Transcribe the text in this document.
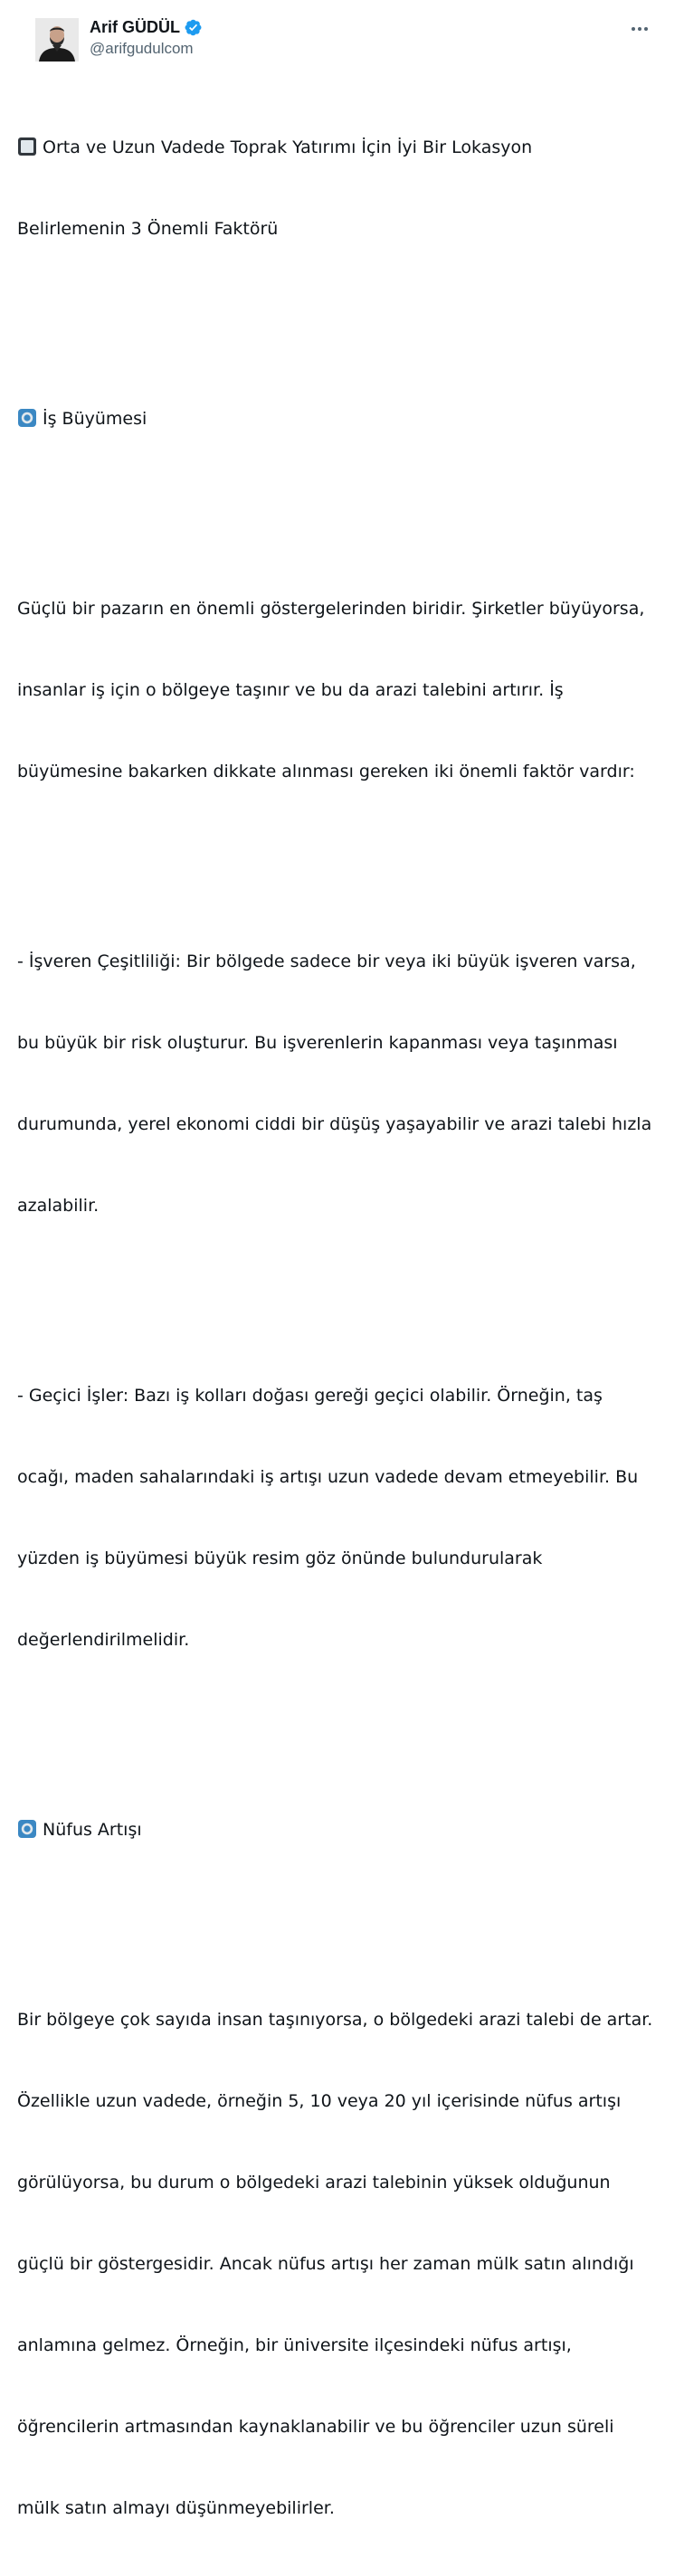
Arif GÜDÜL
@arifgudulcom

Orta ve Uzun Vadede Toprak Yatırımı İçin İyi Bir Lokasyon

Belirlemenin 3 Önemli Faktörü

İş Büyümesi

Güçlü bir pazarın en önemli göstergelerinden biridir. Şirketler büyüyorsa,

insanlar iş için o bölgeye taşınır ve bu da arazi talebini artırır. İş

büyümesine bakarken dikkate alınması gereken iki önemli faktör vardır:

- İşveren Çeşitliliği: Bir bölgede sadece bir veya iki büyük işveren varsa,

bu büyük bir risk oluşturur. Bu işverenlerin kapanması veya taşınması

durumunda, yerel ekonomi ciddi bir düşüş yaşayabilir ve arazi talebi hızla

azalabilir.

- Geçici İşler: Bazı iş kolları doğası gereği geçici olabilir. Örneğin, taş

ocağı, maden sahalarındaki iş artışı uzun vadede devam etmeyebilir. Bu

yüzden iş büyümesi büyük resim göz önünde bulundurularak

değerlendirilmelidir.

Nüfus Artışı

Bir bölgeye çok sayıda insan taşınıyorsa, o bölgedeki arazi talebi de artar.

Özellikle uzun vadede, örneğin 5, 10 veya 20 yıl içerisinde nüfus artışı

görülüyorsa, bu durum o bölgedeki arazi talebinin yüksek olduğunun

güçlü bir göstergesidir. Ancak nüfus artışı her zaman mülk satın alındığı

anlamına gelmez. Örneğin, bir üniversite ilçesindeki nüfus artışı,

öğrencilerin artmasından kaynaklanabilir ve bu öğrenciler uzun süreli

mülk satın almayı düşünmeyebilirler.
